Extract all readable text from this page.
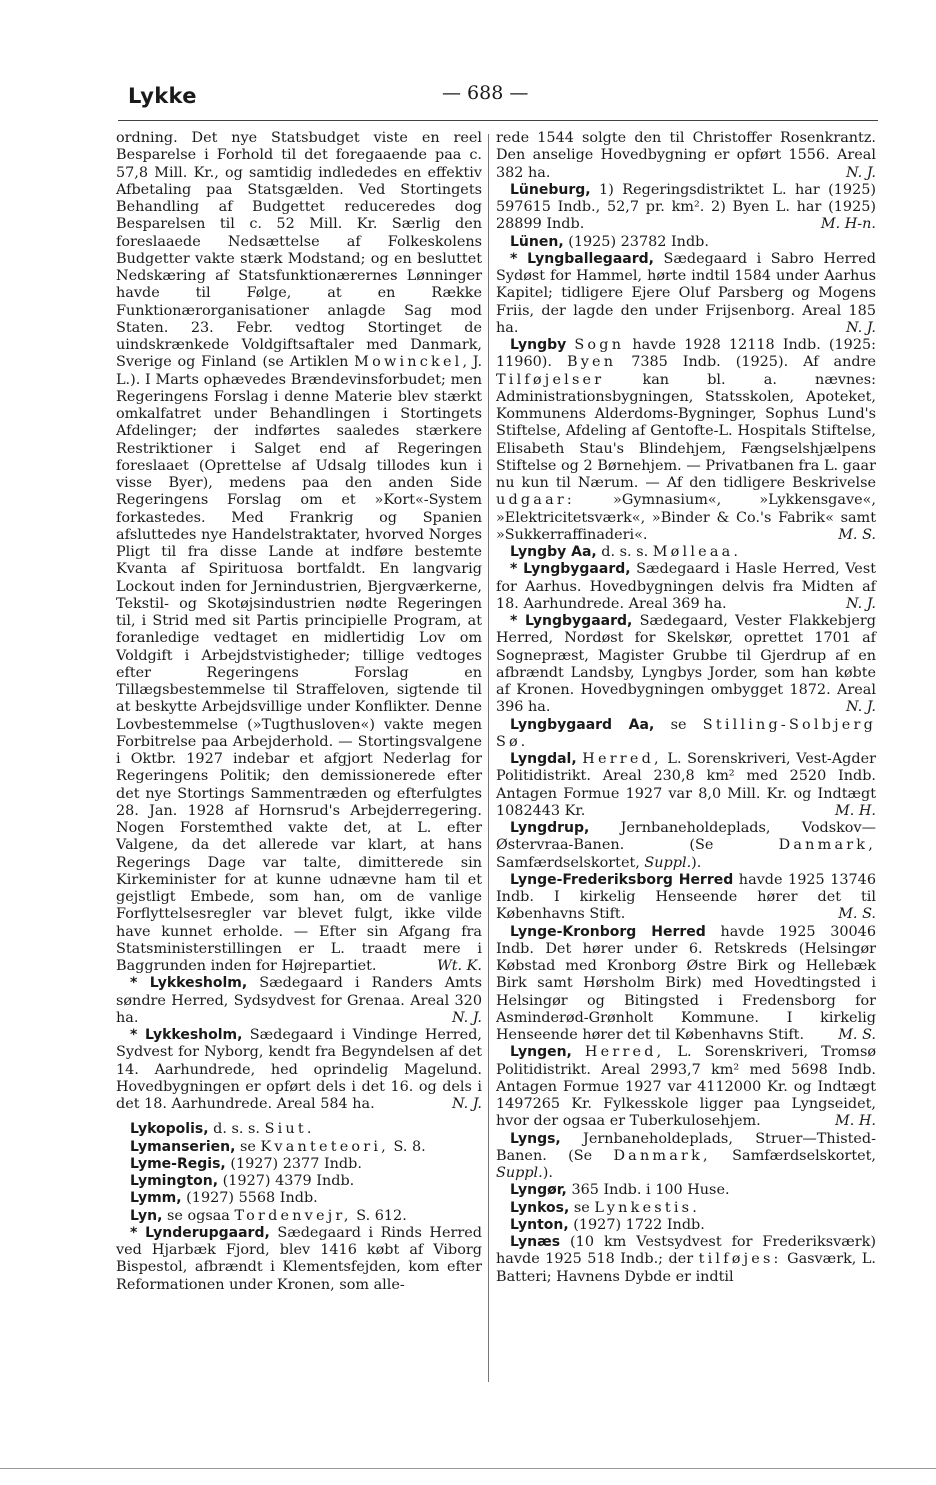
Lykke	— 688 —

ordning. Det nye Statsbudget viste en reel Besparelse i Forhold til det foregaaende paa c. 57,8 Mill. Kr., og samtidig indlededes en effektiv Afbetaling paa Statsgælden. Ved Stortingets Behandling af Budgettet reduceredes dog Besparelsen til c. 52 Mill. Kr. Særlig den foreslaaede Nedsættelse af Folkeskolens Budgetter vakte stærk Modstand; og en besluttet Nedskæring af Statsfunktionærernes Lønninger havde til Følge, at en Række Funktionærorganisationer anlagde Sag mod Staten. 23. Febr. vedtog Stortinget de uindskrænkede Voldgiftsaftaler med Danmark, Sverige og Finland (se Artiklen Mowinckel, J. L.). I Marts ophævedes Brændevinsforbudet; men Regeringens Forslag i denne Materie blev stærkt omkalfatret under Behandlingen i Stortingets Afdelinger; der indførtes saaledes stærkere Restriktioner i Salget end af Regeringen foreslaaet (Oprettelse af Udsalg tillodes kun i visse Byer), medens paa den anden Side Regeringens Forslag om et »Kort«-System forkastedes. Med Frankrig og Spanien afsluttedes nye Handelstraktater, hvorved Norges Pligt til fra disse Lande at indføre bestemte Kvanta af Spirituosa bortfaldt. En langvarig Lockout inden for Jernindustrien, Bjergværkerne, Tekstil- og Skotøjsindustrien nødte Regeringen til, i Strid med sit Partis principielle Program, at foranledige vedtaget en midlertidig Lov om Voldgift i Arbejdstvistigheder; tillige vedtoges efter Regeringens Forslag en Tillægsbestemmelse til Straffeloven, sigtende til at beskytte Arbejdsvillige under Konflikter. Denne Lovbestemmelse (»Tugthusloven«) vakte megen Forbitrelse paa Arbejderhold. — Stortingsvalgene i Oktbr. 1927 indebar et afgjort Nederlag for Regeringens Politik; den demissionerede efter det nye Stortings Sammentræden og efterfulgtes 28. Jan. 1928 af Hornsrud's Arbejderregering. Nogen Forstemthed vakte det, at L. efter Valgene, da det allerede var klart, at hans Regerings Dage var talte, dimitterede sin Kirkeminister for at kunne udnævne ham til et gejstligt Embede, som han, om de vanlige Forflyttelsesregler var blevet fulgt, ikke vilde have kunnet erholde. — Efter sin Afgang fra Statsministerstillingen er L. traadt mere i Baggrunden inden for Højrepartiet.	Wt. K.

* Lykkesholm, Sædegaard i Randers Amts søndre Herred, Sydsydvest for Grenaa. Areal 320 ha.	N. J.

* Lykkesholm, Sædegaard i Vindinge Herred, Sydvest for Nyborg, kendt fra Begyndelsen af det 14. Aarhundrede, hed oprindelig Magelund. Hovedbygningen er opført dels i det 16. og dels i det 18. Aarhundrede. Areal 584 ha.	N. J.

Lykopolis, d. s. s. Siut.

Lymanserien, se Kvanteteori, S. 8.

Lyme-Regis, (1927) 2377 Indb.

Lymington, (1927) 4379 Indb.

Lymm, (1927) 5568 Indb.

Lyn, se ogsaa Tordenvejr, S. 612.

* Lynderupgaard, Sædegaard i Rinds Herred ved Hjarbæk Fjord, blev 1416 købt af Viborg Bispestol, afbrændt i Klementsfejden, kom efter Reformationen under Kronen, som alle-

rede 1544 solgte den til Christoffer Rosenkrantz. Den anselige Hovedbygning er opført 1556. Areal 382 ha.	N. J.

Lüneburg, 1) Regeringsdistriktet L. har (1925) 597615 Indb., 52,7 pr. km². 2) Byen L. har (1925) 28899 Indb.	M. H-n.

Lünen, (1925) 23782 Indb.

* Lyngballegaard, Sædegaard i Sabro Herred Sydøst for Hammel, hørte indtil 1584 under Aarhus Kapitel; tidligere Ejere Oluf Parsberg og Mogens Friis, der lagde den under Frijsenborg. Areal 185 ha.	N. J.

Lyngby Sogn havde 1928 12118 Indb. (1925: 11960). Byen 7385 Indb. (1925). Af andre Tilføjelser kan bl. a. nævnes: Administrationsbygningen, Statsskolen, Apoteket, Kommunens Alderdoms-Bygninger, Sophus Lund's Stiftelse, Afdeling af Gentofte-L. Hospitals Stiftelse, Elisabeth Stau's Blindehjem, Fængselshjælpens Stiftelse og 2 Børnehjem. — Privatbanen fra L. gaar nu kun til Nærum. — Af den tidligere Beskrivelse udgaar: »Gymnasium«, »Lykkensgave«, »Elektricitetsværk«, »Binder & Co.'s Fabrik« samt »Sukkerraffinaderi«.	M. S.

Lyngby Aa, d. s. s. Mølleaa.

* Lyngbygaard, Sædegaard i Hasle Herred, Vest for Aarhus. Hovedbygningen delvis fra Midten af 18. Aarhundrede. Areal 369 ha.	N. J.

* Lyngbygaard, Sædegaard, Vester Flakkebjerg Herred, Nordøst for Skelskør, oprettet 1701 af Sognepræst, Magister Grubbe til Gjerdrup af en afbrændt Landsby, Lyngbys Jorder, som han købte af Kronen. Hovedbygningen ombygget 1872. Areal 396 ha.	N. J.

Lyngbygaard Aa, se Stilling-Solbjerg Sø.

Lyngdal, Herred, L. Sorenskriveri, Vest-Agder Politidistrikt. Areal 230,8 km² med 2520 Indb. Antagen Formue 1927 var 8,0 Mill. Kr. og Indtægt 1082443 Kr.	M. H.

Lyngdrup, Jernbaneholdeplads, Vodskov—Østervraa-Banen. (Se	Danmark, Samfærdselskortet, Suppl.).

Lynge-Frederiksborg Herred havde 1925 13746 Indb. I kirkelig Henseende hører det til Københavns Stift.	M. S.

Lynge-Kronborg Herred havde 1925 30046 Indb. Det hører under 6. Retskreds (Helsingør Købstad med Kronborg Østre Birk og Hellebæk Birk samt Hørsholm Birk) med Hovedtingsted i Helsingør og Bitingsted i Fredensborg for Asminderød-Grønholt Kommune. I kirkelig Henseende hører det til Københavns Stift.	M. S.

Lyngen, Herred, L. Sorenskriveri, Tromsø Politidistrikt. Areal 2993,7 km² med 5698 Indb. Antagen Formue 1927 var 4112000 Kr. og Indtægt 1497265 Kr. Fylkesskole ligger paa Lyngseidet, hvor der ogsaa er Tuberkulosehjem.	M. H.

Lyngs, Jernbaneholdeplads, Struer—Thisted-Banen. (Se Danmark, Samfærdselskortet, Suppl.).

Lyngør, 365 Indb. i 100 Huse.

Lynkos, se Lynkestis.

Lynton, (1927) 1722 Indb.

Lynæs (10 km Vestsydvest for Frederiksværk) havde 1925 518 Indb.; der tilføjes: Gasværk, L. Batteri; Havnens Dybde er indtil
